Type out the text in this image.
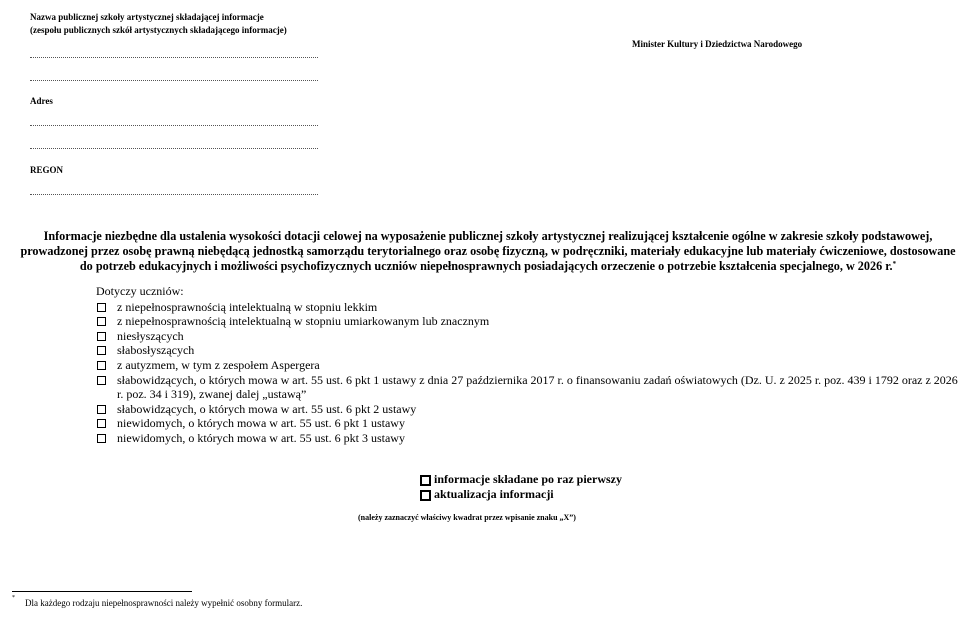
Nazwa publicznej szkoły artystycznej składającej informacje
(zespołu publicznych szkół artystycznych składającego informacje)
Adres
REGON
Minister Kultury i Dziedzictwa Narodowego
Informacje niezbędne dla ustalenia wysokości dotacji celowej na wyposażenie publicznej szkoły artystycznej realizującej kształcenie ogólne w zakresie szkoły podstawowej, prowadzonej przez osobę prawną niebędącą jednostką samorządu terytorialnego oraz osobę fizyczną, w podręczniki, materiały edukacyjne lub materiały ćwiczeniowe, dostosowane do potrzeb edukacyjnych i możliwości psychofizycznych uczniów niepełnosprawnych posiadających orzeczenie o potrzebie kształcenia specjalnego, w 2026 r.*
Dotyczy uczniów:
z niepełnosprawnością intelektualną w stopniu lekkim
z niepełnosprawnością intelektualną w stopniu umiarkowanym lub znacznym
niesłyszących
słabosłyszących
z autyzmem, w tym z zespołem Aspergera
słabowidzących, o których mowa w art. 55 ust. 6 pkt 1 ustawy z dnia 27 października 2017 r. o finansowaniu zadań oświatowych (Dz. U. z 2025 r. poz. 439 i 1792 oraz z 2026 r. poz. 34 i 319), zwanej dalej „ustawą”
słabowidzących, o których mowa w art. 55 ust. 6 pkt 2 ustawy
niewidomych, o których mowa w art. 55 ust. 6 pkt 1 ustawy
niewidomych, o których mowa w art. 55 ust. 6 pkt 3 ustawy
informacje składane po raz pierwszy
aktualizacja informacji
(należy zaznaczyć właściwy kwadrat przez wpisanie znaku „X”)
* Dla każdego rodzaju niepełnosprawności należy wypełnić osobny formularz.
